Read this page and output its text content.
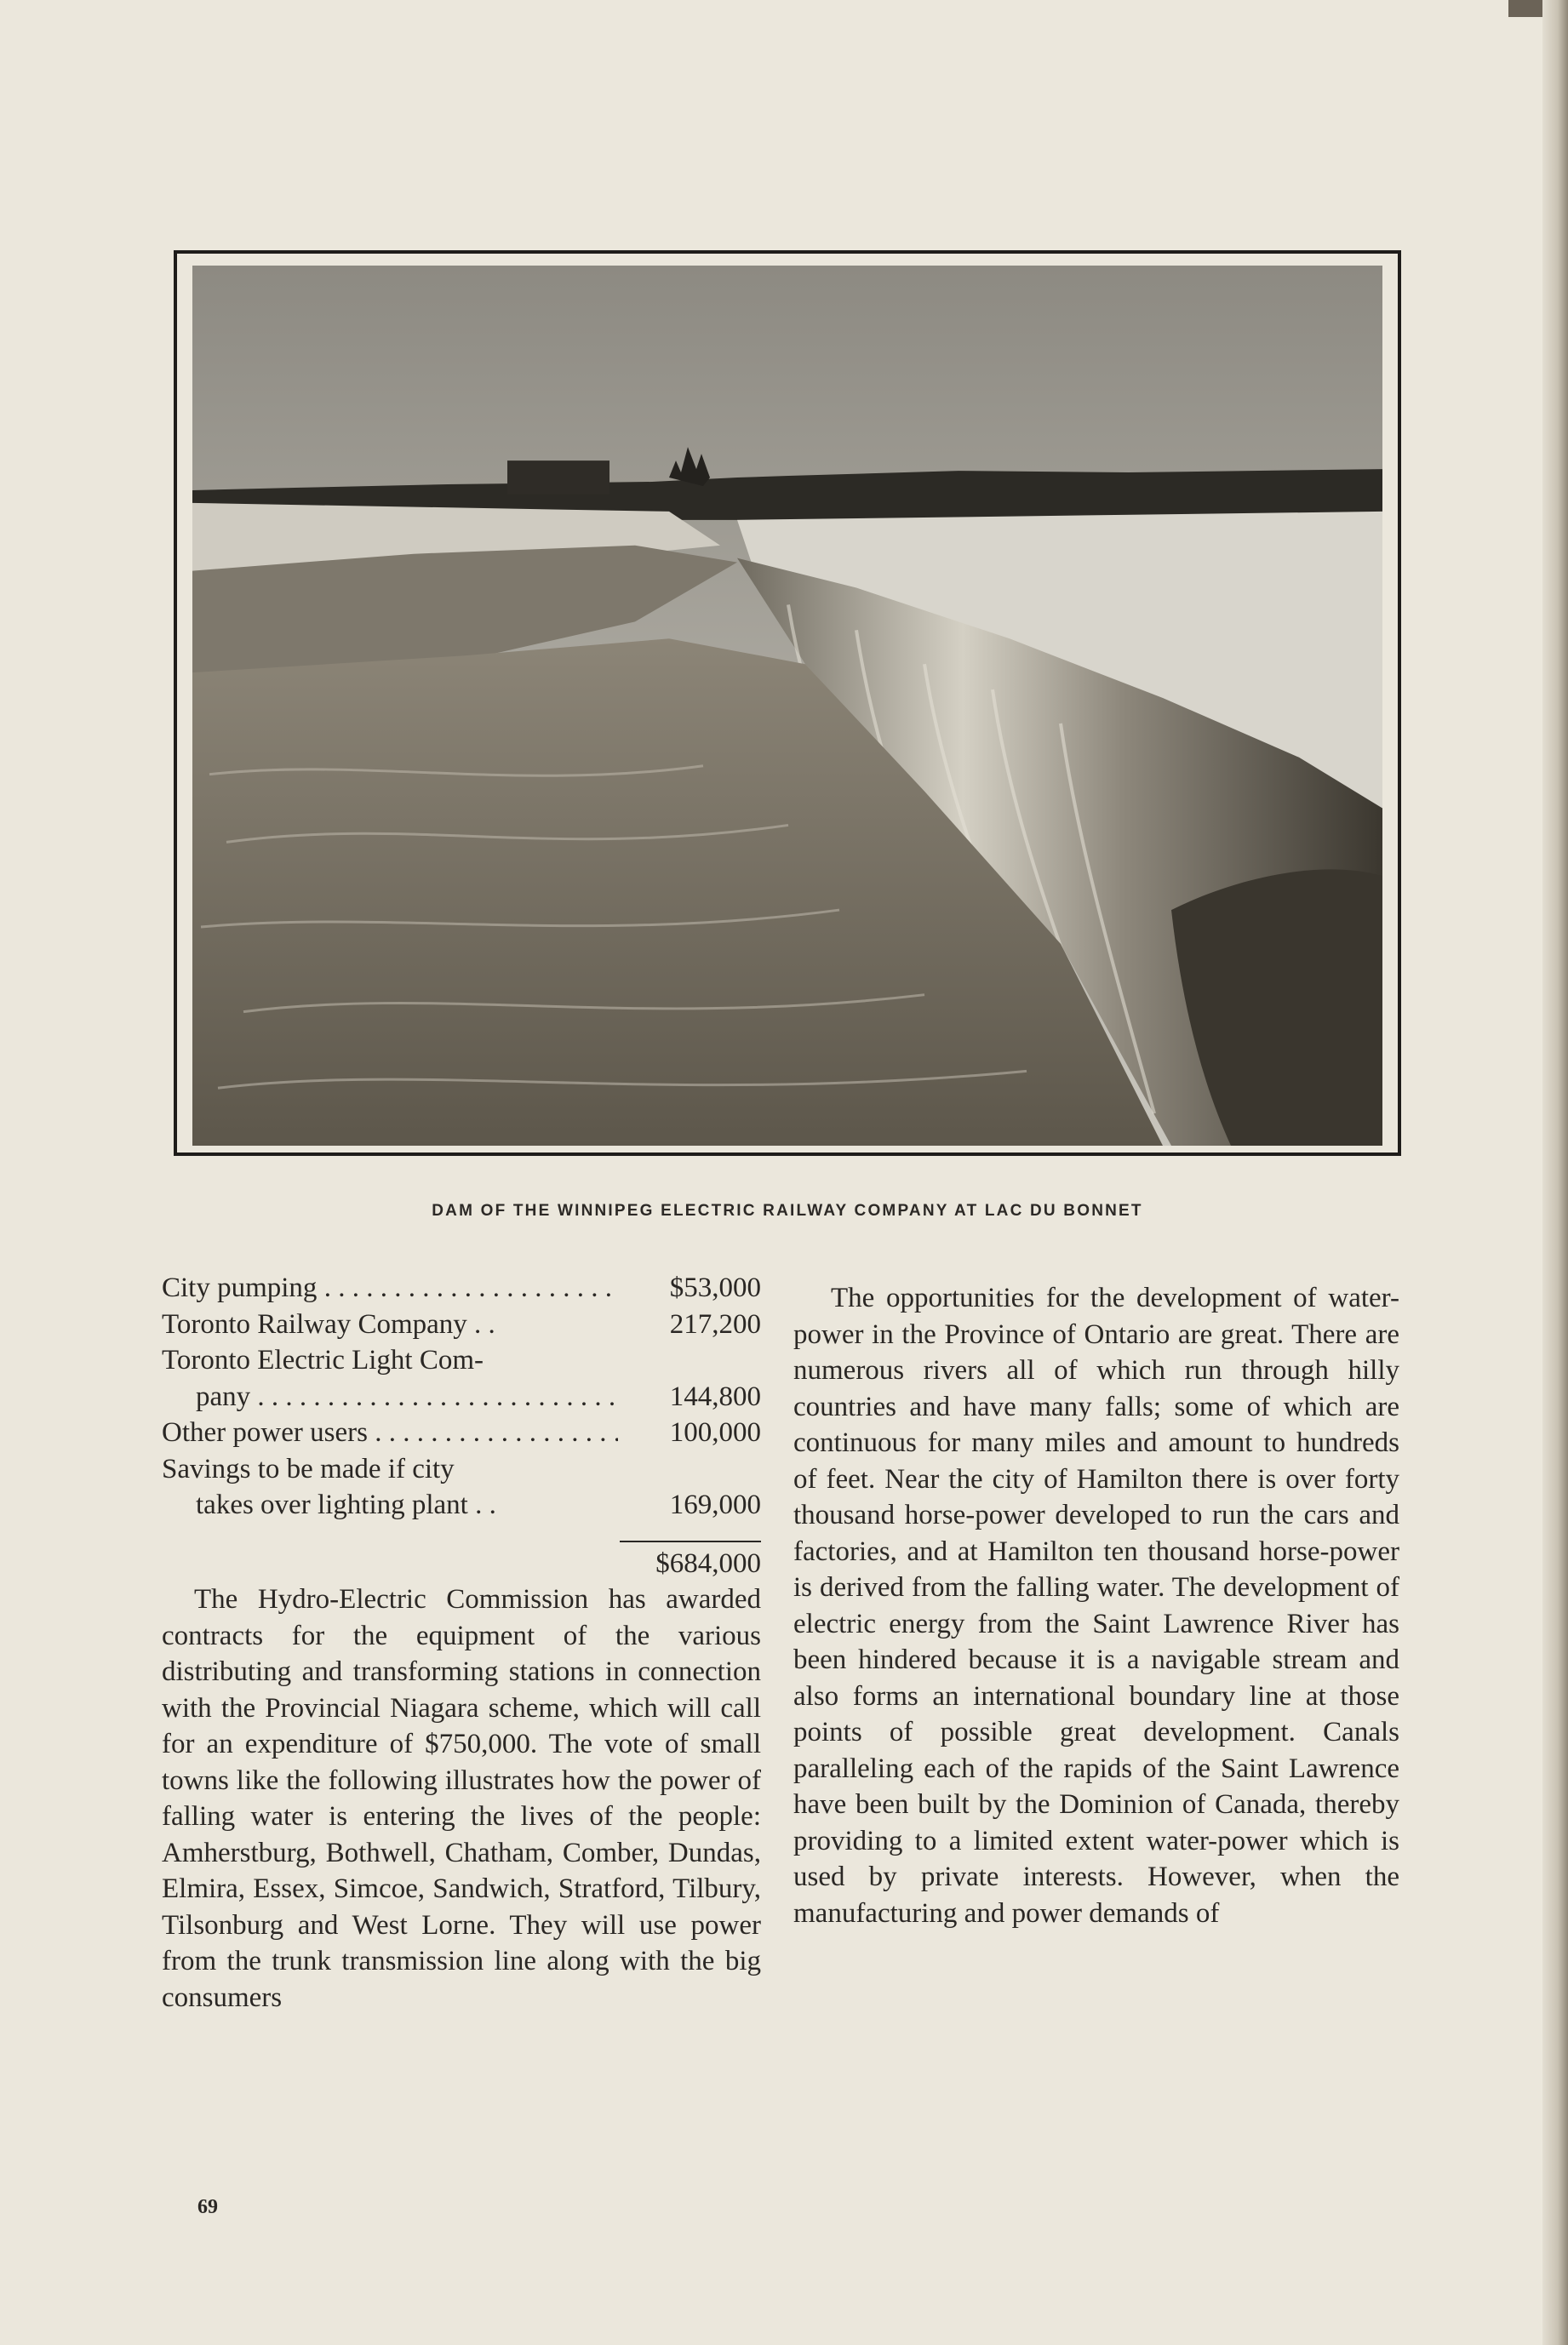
DAM OF THE WINNIPEG ELECTRIC RAILWAY COMPANY AT LAC DU BONNET
City pumping . . .	$53,000
Toronto Railway Company . .	217,200
Toronto Electric Light Com-
pany . . .	144,800
Other power users . . .	100,000
Savings to be made if city
takes over lighting plant . .	169,000
$684,000

The Hydro-Electric Commission has awarded contracts for the equipment of the various distributing and transforming stations in connection with the Provincial Niagara scheme, which will call for an expenditure of $750,000. The vote of small towns like the following illustrates how the power of falling water is entering the lives of the people: Amherstburg, Bothwell, Chatham, Comber, Dundas, Elmira, Essex, Simcoe, Sandwich, Stratford, Tilbury, Tilsonburg and West Lorne. They will use power from the trunk transmission line along with the big consumers

The opportunities for the development of water-power in the Province of Ontario are great. There are numerous rivers all of which run through hilly countries and have many falls; some of which are continuous for many miles and amount to hundreds of feet. Near the city of Hamilton there is over forty thousand horse-power developed to run the cars and factories, and at Hamilton ten thousand horse-power is derived from the falling water. The development of electric energy from the Saint Lawrence River has been hindered because it is a navigable stream and also forms an international boundary line at those points of possible great development. Canals paralleling each of the rapids of the Saint Lawrence have been built by the Dominion of Canada, thereby providing to a limited extent water-power which is used by private interests. However, when the manufacturing and power demands of

69
